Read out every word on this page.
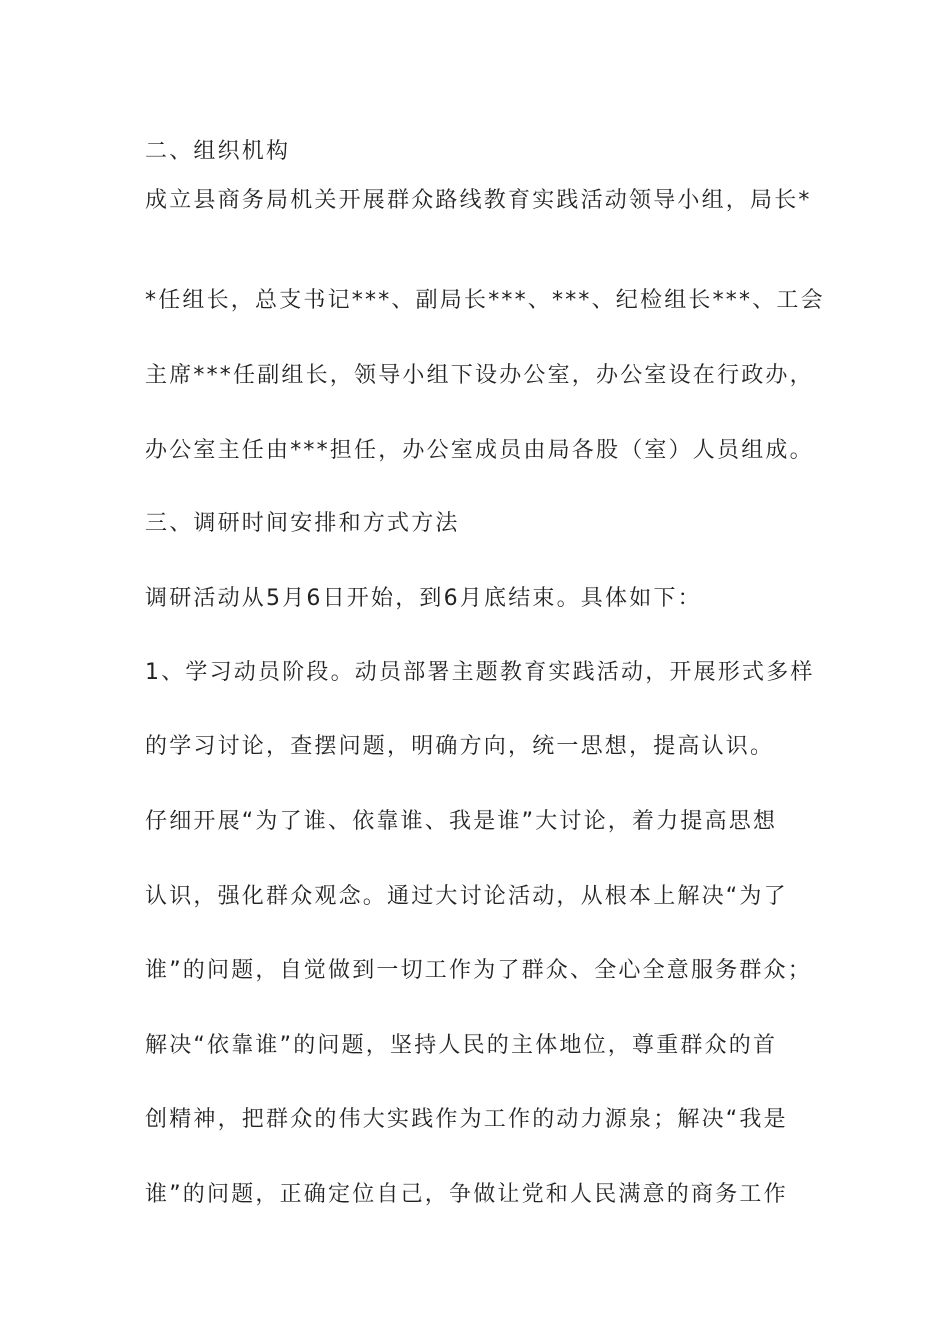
二、组织机构
成立县商务局机关开展群众路线教育实践活动领导小组，局长*
*任组长，总支书记***、副局长***、***、纪检组长***、工会
主席***任副组长，领导小组下设办公室，办公室设在行政办，
办公室主任由***担任，办公室成员由局各股（室）人员组成。
三、调研时间安排和方式方法
调研活动从5月6日开始，到6月底结束。具体如下：
1、学习动员阶段。动员部署主题教育实践活动，开展形式多样
的学习讨论，查摆问题，明确方向，统一思想，提高认识。
仔细开展“为了谁、依靠谁、我是谁”大讨论，着力提高思想
认识，强化群众观念。通过大讨论活动，从根本上解决“为了
谁”的问题，自觉做到一切工作为了群众、全心全意服务群众；
解决“依靠谁”的问题，坚持人民的主体地位，尊重群众的首
创精神，把群众的伟大实践作为工作的动力源泉；解决“我是
谁”的问题，正确定位自己，争做让党和人民满意的商务工作
